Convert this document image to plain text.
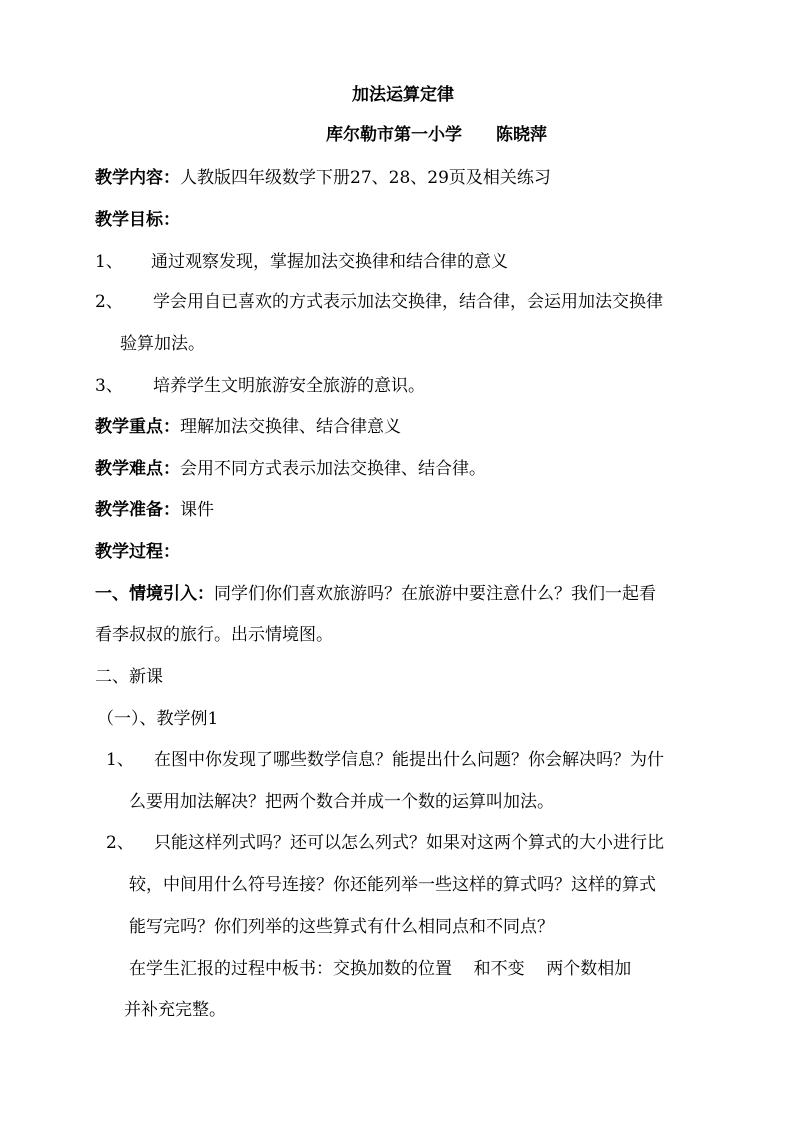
加法运算定律
库尔勒市第一小学 陈晓萍
教学内容：人教版四年级数学下册27、28、29页及相关练习
教学目标：
1、 通过观察发现，掌握加法交换律和结合律的意义
2、 学会用自已喜欢的方式表示加法交换律，结合律，会运用加法交换律
验算加法。
3、 培养学生文明旅游安全旅游的意识。
教学重点：理解加法交换律、结合律意义
教学难点：会用不同方式表示加法交换律、结合律。
教学准备：课件
教学过程：
一、情境引入：同学们你们喜欢旅游吗？在旅游中要注意什么？我们一起看
看李叔叔的旅行。出示情境图。
二、新课
（一）、教学例1
1、 在图中你发现了哪些数学信息？能提出什么问题？你会解决吗？为什
么要用加法解决？把两个数合并成一个数的运算叫加法。
2、 只能这样列式吗？还可以怎么列式？如果对这两个算式的大小进行比
较，中间用什么符号连接？你还能列举一些这样的算式吗？这样的算式
能写完吗？你们列举的这些算式有什么相同点和不同点？
在学生汇报的过程中板书：交换加数的位置    和不变    两个数相加
并补充完整。
